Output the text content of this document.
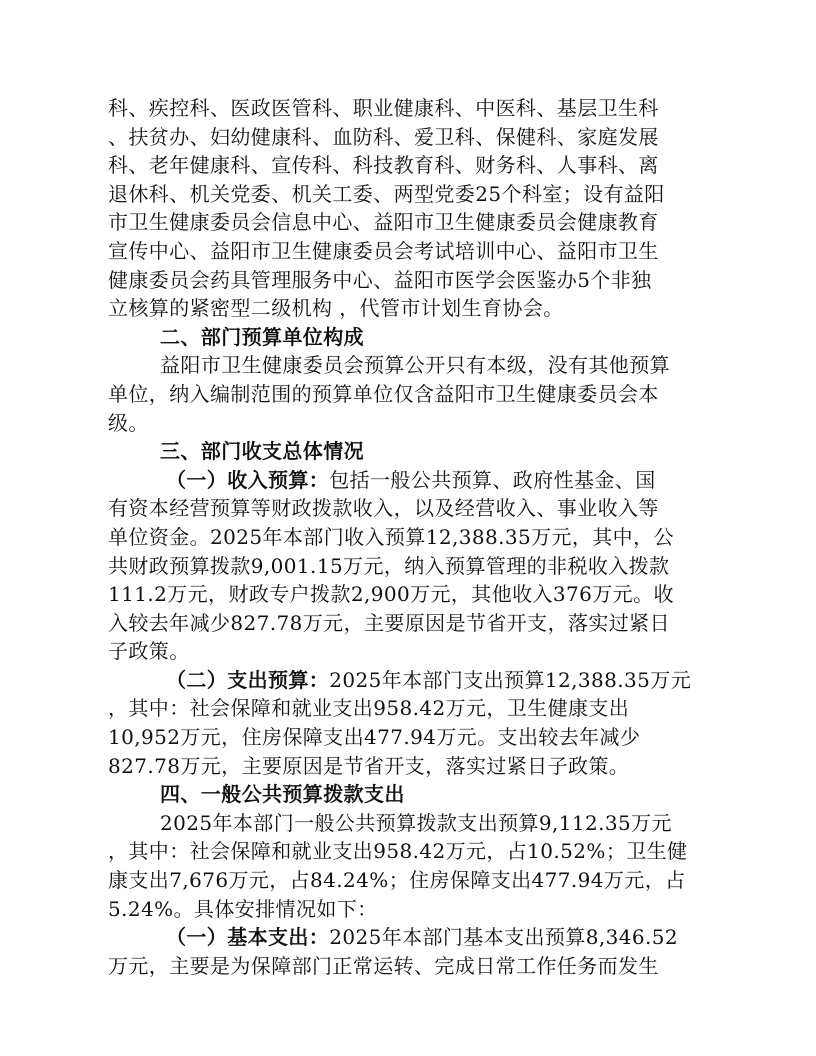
科、疾控科、医政医管科、职业健康科、中医科、基层卫生科
、扶贫办、妇幼健康科、血防科、爱卫科、保健科、家庭发展
科、老年健康科、宣传科、科技教育科、财务科、人事科、离
退休科、机关党委、机关工委、两型党委25个科室；设有益阳
市卫生健康委员会信息中心、益阳市卫生健康委员会健康教育
宣传中心、益阳市卫生健康委员会考试培训中心、益阳市卫生
健康委员会药具管理服务中心、益阳市医学会医鉴办5个非独
立核算的紧密型二级机构 ，代管市计划生育协会。
二、部门预算单位构成
益阳市卫生健康委员会预算公开只有本级，没有其他预算
单位，纳入编制范围的预算单位仅含益阳市卫生健康委员会本
级。
三、部门收支总体情况
（一）收入预算：包括一般公共预算、政府性基金、国
有资本经营预算等财政拨款收入，以及经营收入、事业收入等
单位资金。2025年本部门收入预算12,388.35万元，其中，公
共财政预算拨款9,001.15万元，纳入预算管理的非税收入拨款
111.2万元，财政专户拨款2,900万元，其他收入376万元。收
入较去年减少827.78万元，主要原因是节省开支，落实过紧日
子政策。
（二）支出预算：2025年本部门支出预算12,388.35万元
，其中：社会保障和就业支出958.42万元，卫生健康支出
10,952万元，住房保障支出477.94万元。支出较去年减少
827.78万元，主要原因是节省开支，落实过紧日子政策。
四、一般公共预算拨款支出
2025年本部门一般公共预算拨款支出预算9,112.35万元
，其中：社会保障和就业支出958.42万元，占10.52%；卫生健
康支出7,676万元，占84.24%；住房保障支出477.94万元，占
5.24%。具体安排情况如下：
（一）基本支出：2025年本部门基本支出预算8,346.52
万元，主要是为保障部门正常运转、完成日常工作任务而发生
